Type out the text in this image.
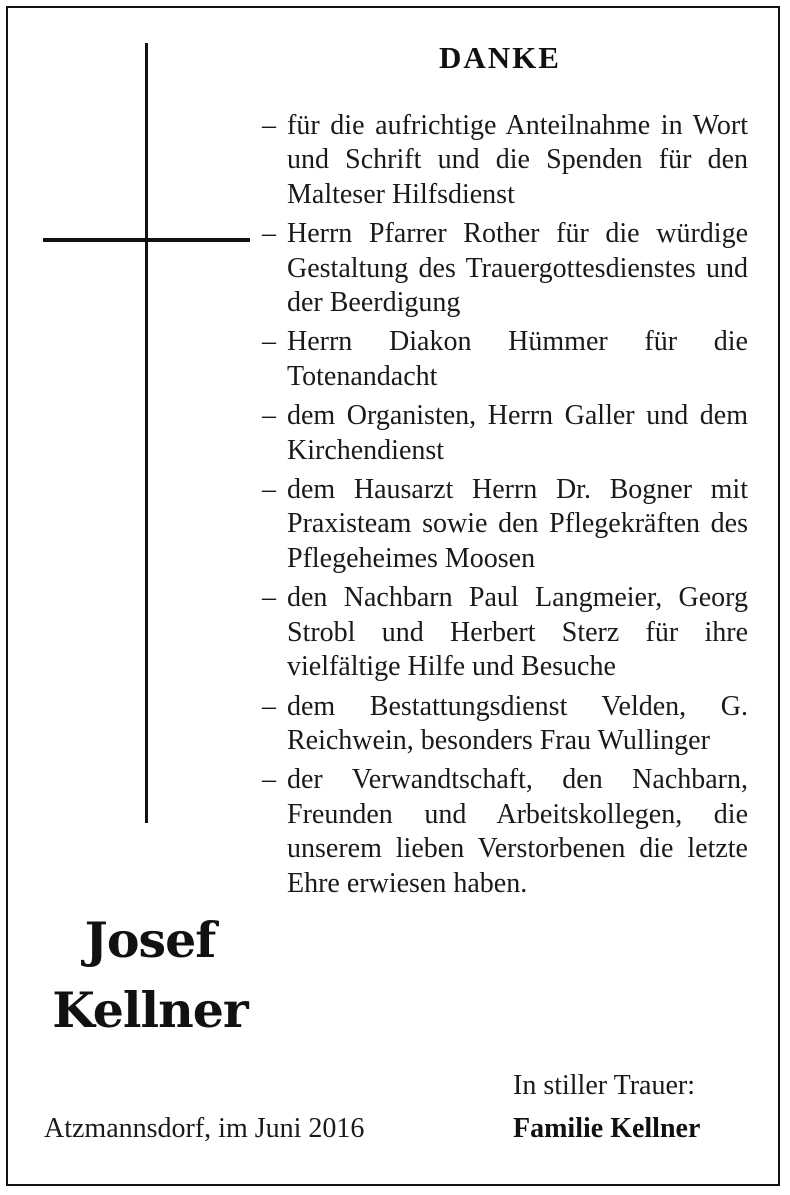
DANKE
– für die aufrichtige Anteilnahme in Wort und Schrift und die Spenden für den Malteser Hilfsdienst
– Herrn Pfarrer Rother für die würdige Gestaltung des Trauergottesdienstes und der Beerdigung
– Herrn Diakon Hümmer für die Totenandacht
– dem Organisten, Herrn Galler und dem Kirchendienst
– dem Hausarzt Herrn Dr. Bogner mit Praxisteam sowie den Pflegekräften des Pflegeheimes Moosen
– den Nachbarn Paul Langmeier, Georg Strobl und Herbert Sterz für ihre vielfältige Hilfe und Besuche
– dem Bestattungsdienst Velden, G. Reichwein, besonders Frau Wullinger
– der Verwandtschaft, den Nachbarn, Freunden und Arbeitskollegen, die unserem lieben Verstorbenen die letzte Ehre erwiesen haben.
Josef
Kellner
In stiller Trauer:
Familie Kellner
Atzmannsdorf, im Juni 2016
